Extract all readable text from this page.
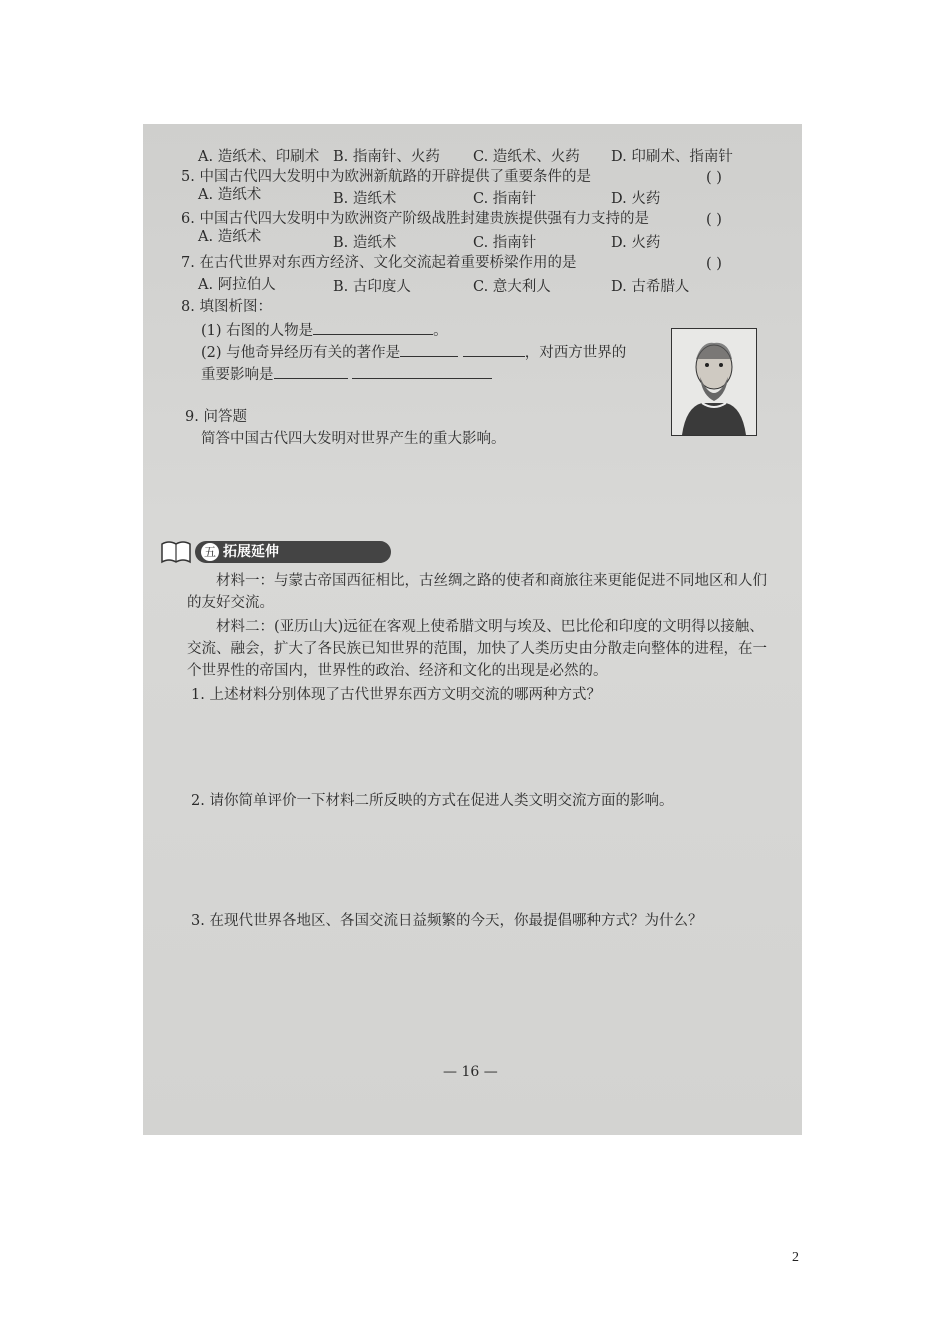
A. 造纸术、印刷术 B. 指南针、火药 C. 造纸术、火药 D. 印刷术、指南针
5. 中国古代四大发明中为欧洲新航路的开辟提供了重要条件的是	( )
A. 造纸术	B. 造纸术	C. 指南针	D. 火药
6. 中国古代四大发明中为欧洲资产阶级战胜封建贵族提供强有力支持的是	( )
A. 造纸术	B. 造纸术	C. 指南针	D. 火药
7. 在古代世界对东西方经济、文化交流起着重要桥梁作用的是	( )
A. 阿拉伯人	B. 古印度人	C. 意大利人	D. 古希腊人
8. 填图析图：
(1) 右图的人物是	。
(2) 与他奇异经历有关的著作是	，对西方世界的
重要影响是
9. 问答题
简答中国古代四大发明对世界产生的重大影响。
五 拓展延伸
材料一：与蒙古帝国西征相比，古丝绸之路的使者和商旅往来更能促进不同地区和人们的友好交流。
材料二：(亚历山大)远征在客观上使希腊文明与埃及、巴比伦和印度的文明得以接触、交流、融会，扩大了各民族已知世界的范围，加快了人类历史由分散走向整体的进程，在一个世界性的帝国内，世界性的政治、经济和文化的出现是必然的。
1. 上述材料分别体现了古代世界东西方文明交流的哪两种方式？
2. 请你简单评价一下材料二所反映的方式在促进人类文明交流方面的影响。
3. 在现代世界各地区、各国交流日益频繁的今天，你最提倡哪种方式？为什么？
— 16 —
2
